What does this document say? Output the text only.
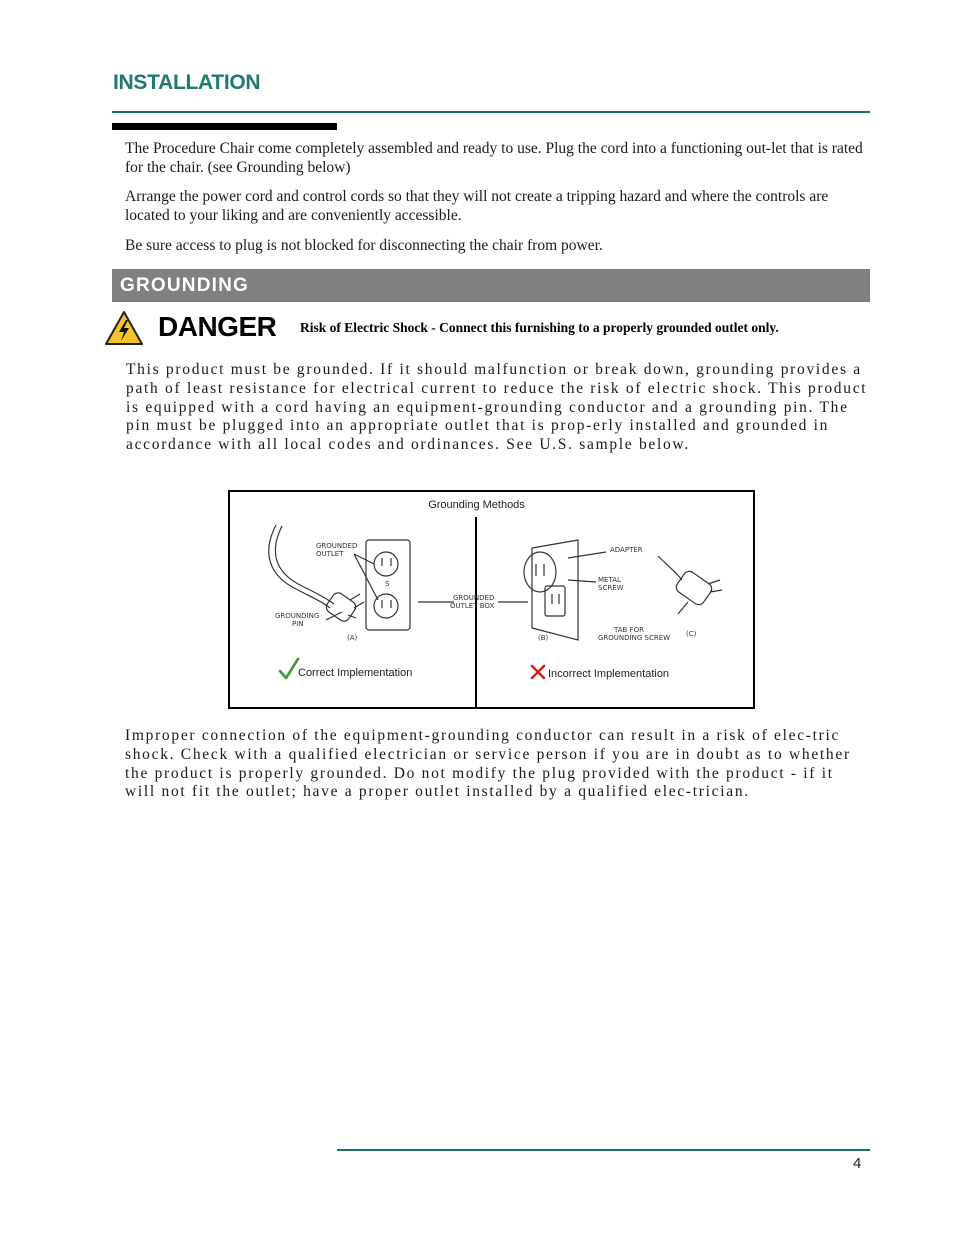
INSTALLATION
The Procedure Chair come completely assembled and ready to use. Plug the cord into a functioning out-let that is rated for the chair. (see Grounding below)
Arrange the power cord and control cords so that they will not create a tripping hazard and where the controls are located to your liking and are conveniently accessible.
Be sure access to plug is not blocked for disconnecting the chair from power.
GROUNDING
DANGER Risk of Electric Shock - Connect this furnishing to a properly grounded outlet only.
This product must be grounded. If it should malfunction or break down, grounding provides a path of least resistance for electrical current to reduce the risk of electric shock. This product is equipped with a cord having an equipment-grounding conductor and a grounding pin. The pin must be plugged into an appropriate outlet that is prop-erly installed and grounded in accordance with all local codes and ordinances. See U.S. sample below.
Grounding Methods
GROUNDED
OUTLET
GROUNDING
PIN
(A)
S
GROUNDED
OUTLET BOX
(B)
ADAPTER
METAL
SCREW
TAB FOR
GROUNDING SCREW (C)
Correct Implementation	Incorrect Implementation
Improper connection of the equipment-grounding conductor can result in a risk of elec-tric shock. Check with a qualified electrician or service person if you are in doubt as to whether the product is properly grounded. Do not modify the plug provided with the product - if it will not fit the outlet; have a proper outlet installed by a qualified elec-trician.
4
